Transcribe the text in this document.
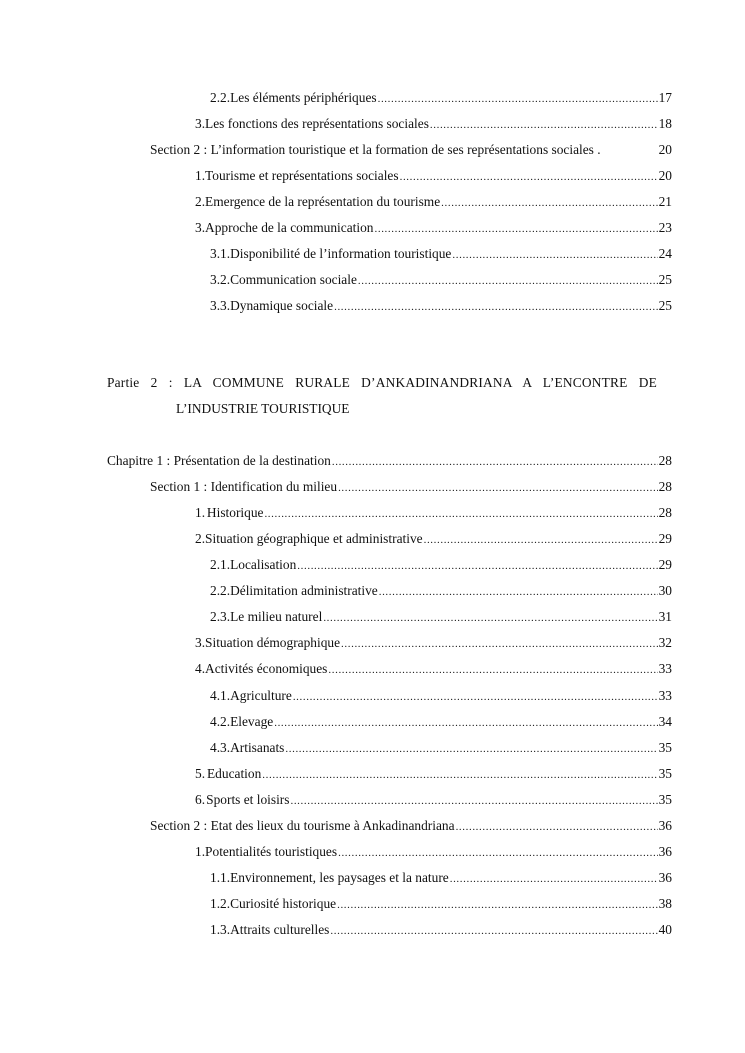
2.2. Les éléments périphériques .....	17
3. Les fonctions des représentations sociales .....	18
Section 2 : L’information touristique et la formation de ses représentations sociales .	20
1. Tourisme et représentations sociales .....	20
2. Emergence de la représentation du tourisme .....	21
3. Approche de la communication .....	23
3.1. Disponibilité de l’information touristique .....	24
3.2. Communication sociale .....	25
3.3. Dynamique sociale .....	25
Partie 2 : LA COMMUNE RURALE D’ANKADINANDRIANA A L’ENCONTRE DE
L’INDUSTRIE TOURISTIQUE
Chapitre 1 : Présentation de la destination .....	28
Section 1 : Identification du milieu .....	28
1. Historique .....	28
2. Situation géographique et administrative .....	29
2.1. Localisation .....	29
2.2. Délimitation administrative .....	30
2.3. Le milieu naturel .....	31
3. Situation démographique .....	32
4. Activités économiques .....	33
4.1. Agriculture .....	33
4.2. Elevage .....	34
4.3. Artisanats .....	35
5. Education .....	35
6. Sports et loisirs .....	35
Section 2 : Etat des lieux du tourisme à Ankadinandriana .....	36
1. Potentialités touristiques .....	36
1.1. Environnement, les paysages et la nature .....	36
1.2. Curiosité historique .....	38
1.3. Attraits culturelles .....	40
